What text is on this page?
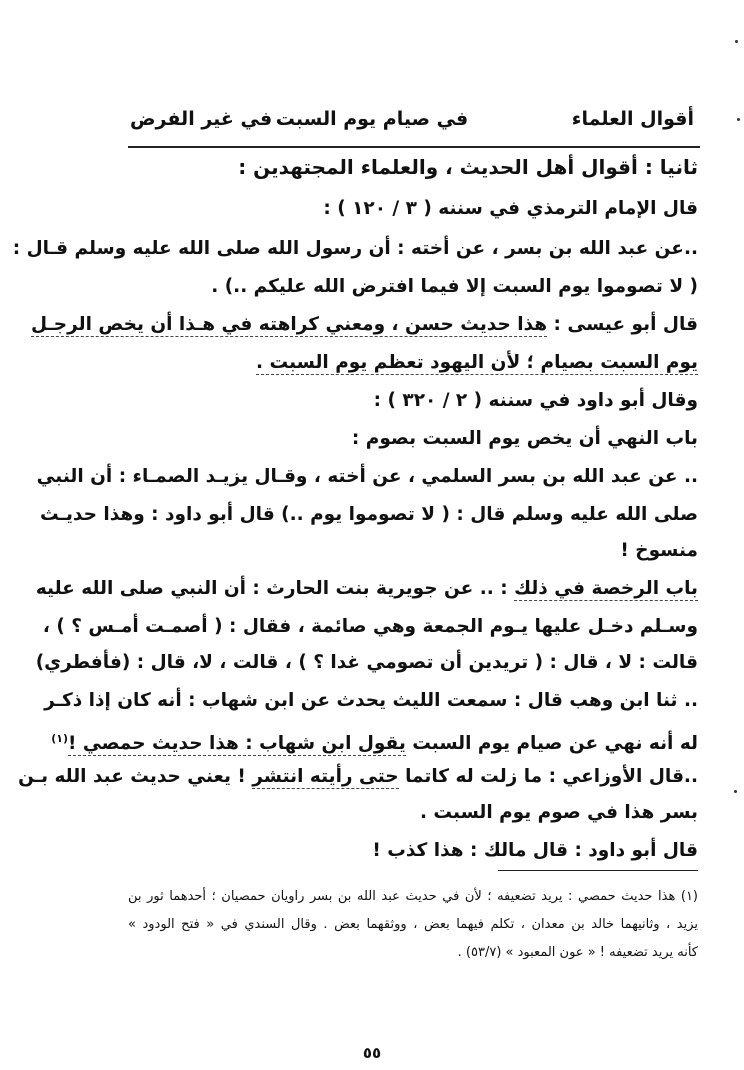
أقوال العلماء
في صيام يوم السبت
في غير الفرض
ثانيا : أقوال أهل الحديث ، والعلماء المجتهدين :
قال الإمام الترمذي في سننه ( ٣ / ١٢٠ ) :
..عن عبد الله بن بسر ، عن أخته : أن رسول الله صلى الله عليه وسلم قـال :
( لا تصوموا يوم السبت إلا فيما افترض الله عليكم ..) .
قال أبو عيسى : هذا حديث حسن ، ومعني كراهته في هـذا أن يخص الرجـل
يوم السبت بصيام ؛ لأن اليهود تعظم يوم السبت .
وقال أبو داود في سننه ( ٢ / ٣٢٠ ) :
باب النهي أن يخص يوم السبت بصوم :
.. عن عبد الله بن بسر السلمي ، عن أخته ، وقـال يزيـد الصمـاء : أن النبي
صلى الله عليه وسلم قال : ( لا تصوموا يوم ..) قال أبو داود : وهذا حديـث
منسوخ !
باب الرخصة في ذلك : .. عن جويرية بنت الحارث : أن النبي صلى الله عليه
وسـلم دخـل عليها يـوم الجمعة وهي صائمة ، فقال : ( أصمـت أمـس ؟ ) ،
قالت : لا ، قال : ( تريدين أن تصومي غدا ؟ ) ، قالت ، لا، قال : (فأفطري)
.. ثنا ابن وهب قال : سمعت الليث يحدث عن ابن شهاب : أنه كان إذا ذكـر
له أنه نهي عن صيام يوم السبت يقول ابن شهاب : هذا حديث حمصي !$^{(١)}$
..قال الأوزاعي : ما زلت له كاتما حتى رأيته انتشر ! يعني حديث عبد الله بـن
بسر هذا في صوم يوم السبت .
قال أبو داود : قال مالك : هذا كذب !
(١) هذا حديث حمصي : يريد تضعيفه ؛ لأن في حديث عبد الله بن بسر راويان حمصيان ؛ أحدهما ثور بن
يزيد ، وثانيهما خالد بن معدان ، تكلم فيهما بعض ، ووثقهما بعض . وقال السندي في « فتح الودود »
كأنه يريد تضعيفه ! « عون المعبود » (٥٣/٧) .
٥٥
